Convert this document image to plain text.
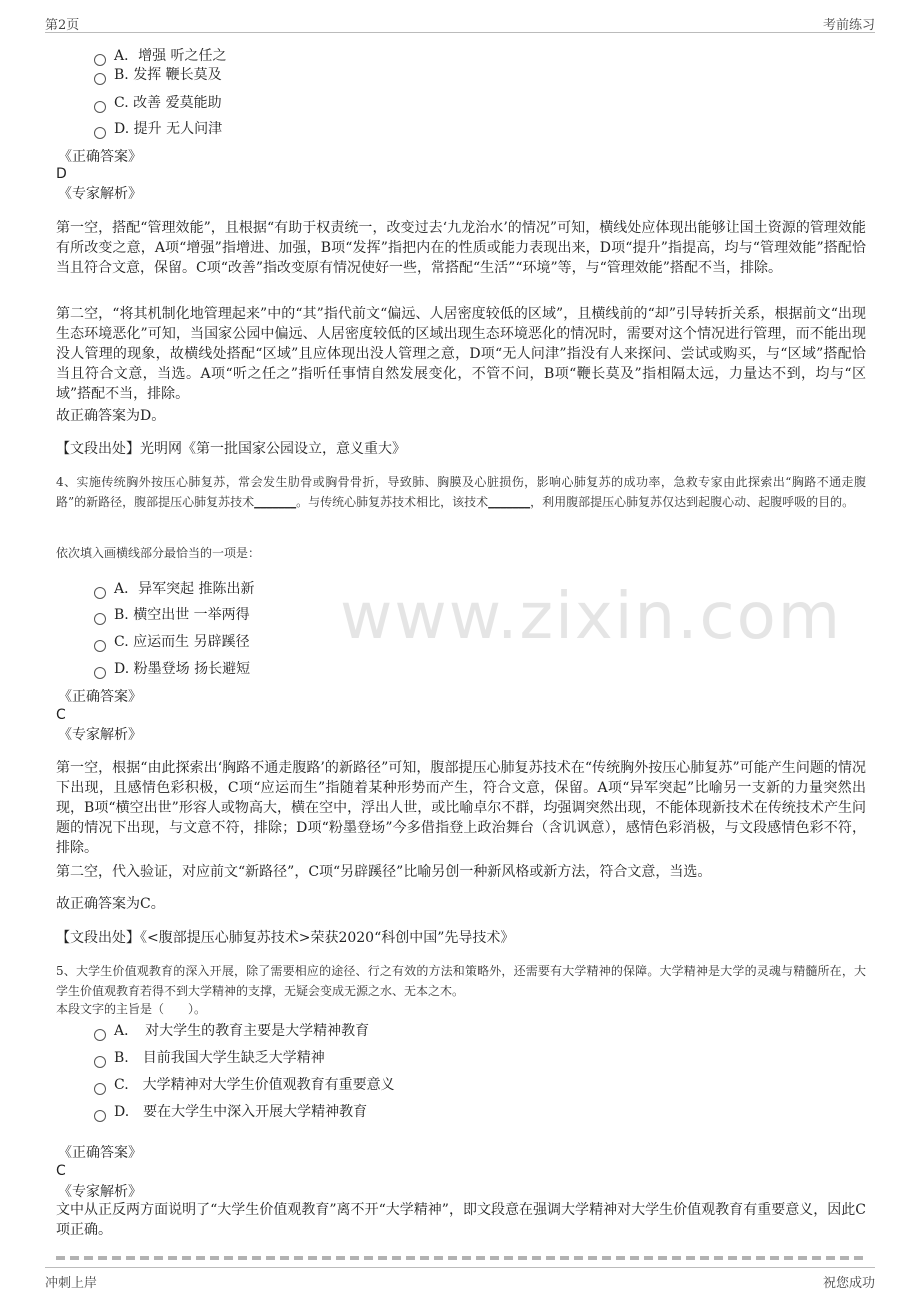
第2页	考前练习
www.zixin.com
A．增强 听之任之
B. 发挥 鞭长莫及
C. 改善 爱莫能助
D. 提升 无人问津
《正确答案》
D
《专家解析》
第一空，搭配“管理效能”，且根据“有助于权责统一，改变过去‘九龙治水’的情况”可知，横线处应体现出能够让国土资源的管理效能有所改变之意，A项“增强”指增进、加强，B项“发挥”指把内在的性质或能力表现出来，D项“提升”指提高，均与“管理效能”搭配恰当且符合文意，保留。C项“改善”指改变原有情况使好一些，常搭配“生活”“环境”等，与“管理效能”搭配不当，排除。
第二空，“将其机制化地管理起来”中的“其”指代前文“偏远、人居密度较低的区域”，且横线前的“却”引导转折关系，根据前文“出现生态环境恶化”可知，当国家公园中偏远、人居密度较低的区域出现生态环境恶化的情况时，需要对这个情况进行管理，而不能出现没人管理的现象，故横线处搭配“区域”且应体现出没人管理之意，D项“无人问津”指没有人来探问、尝试或购买，与“区域”搭配恰当且符合文意，当选。A项“听之任之”指听任事情自然发展变化，不管不问，B项“鞭长莫及”指相隔太远，力量达不到，均与“区域”搭配不当，排除。
故正确答案为D。
【文段出处】光明网《第一批国家公园设立，意义重大》
4、实施传统胸外按压心肺复苏，常会发生肋骨或胸骨骨折，导致肺、胸膜及心脏损伤，影响心肺复苏的成功率，急救专家由此探索出“胸路不通走腹路”的新路径，腹部提压心肺复苏技术_______。与传统心肺复苏技术相比，该技术_______，利用腹部提压心肺复苏仅达到起腹心动、起腹呼吸的目的。
依次填入画横线部分最恰当的一项是：
A．异军突起 推陈出新
B. 横空出世 一举两得
C. 应运而生 另辟蹊径
D. 粉墨登场 扬长避短
《正确答案》
C
《专家解析》
第一空，根据“由此探索出‘胸路不通走腹路’的新路径”可知，腹部提压心肺复苏技术在“传统胸外按压心肺复苏”可能产生问题的情况下出现，且感情色彩积极，C项“应运而生”指随着某种形势而产生，符合文意，保留。A项“异军突起”比喻另一支新的力量突然出现，B项“横空出世”形容人或物高大，横在空中，浮出人世，或比喻卓尔不群，均强调突然出现，不能体现新技术在传统技术产生问题的情况下出现，与文意不符，排除；D项“粉墨登场”今多借指登上政治舞台（含讥讽意），感情色彩消极，与文段感情色彩不符，排除。
第二空，代入验证，对应前文“新路径”，C项“另辟蹊径”比喻另创一种新风格或新方法，符合文意，当选。
故正确答案为C。
【文段出处】《<腹部提压心肺复苏技术>荣获2020“科创中国”先导技术》
5、大学生价值观教育的深入开展，除了需要相应的途径、行之有效的方法和策略外，还需要有大学精神的保障。大学精神是大学的灵魂与精髓所在，大学生价值观教育若得不到大学精神的支撑，无疑会变成无源之水、无本之木。
本段文字的主旨是（　　）。
A．　对大学生的教育主要是大学精神教育
B.　目前我国大学生缺乏大学精神
C.　大学精神对大学生价值观教育有重要意义
D.　要在大学生中深入开展大学精神教育
《正确答案》
C
《专家解析》
文中从正反两方面说明了“大学生价值观教育”离不开“大学精神”，即文段意在强调大学精神对大学生价值观教育有重要意义，因此C项正确。
冲刺上岸	祝您成功
